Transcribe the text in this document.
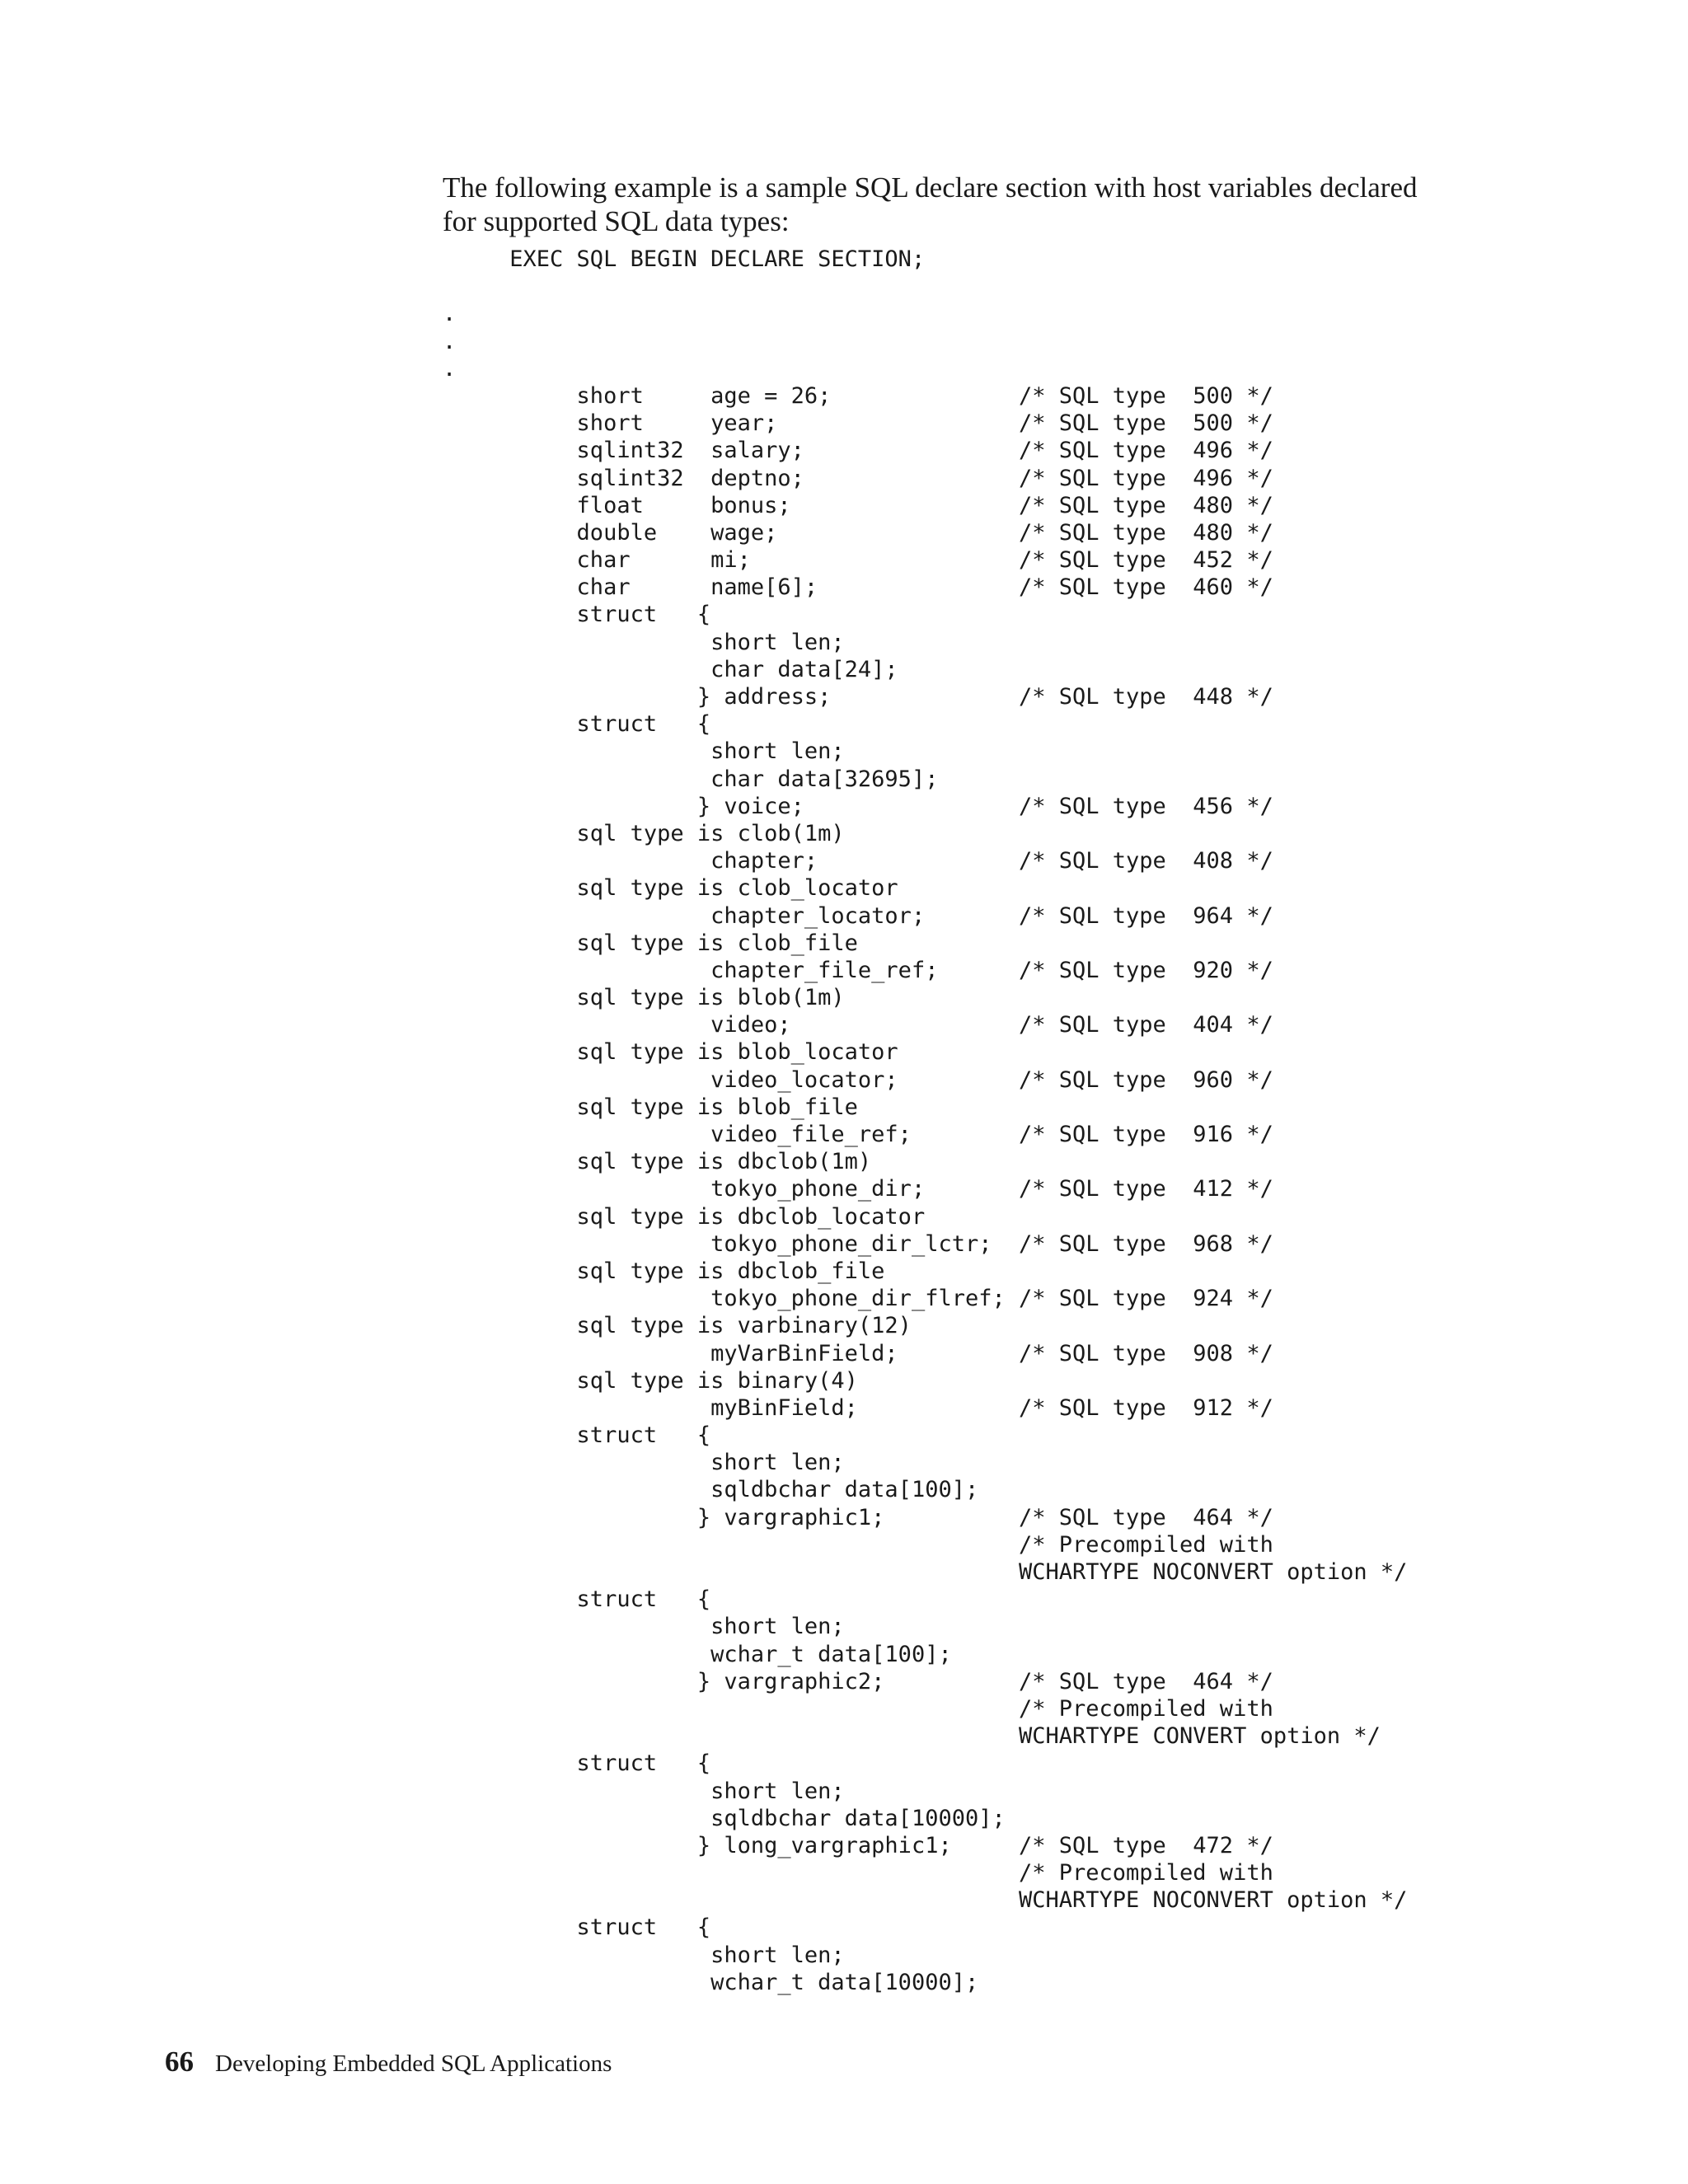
The following example is a sample SQL declare section with host variables declared for supported SQL data types:

EXEC SQL BEGIN DECLARE SECTION;
.
.
.
short     age = 26;              /* SQL type  500 */
short     year;                  /* SQL type  500 */
sqlint32  salary;                /* SQL type  496 */
sqlint32  deptno;                /* SQL type  496 */
float     bonus;                 /* SQL type  480 */
double    wage;                  /* SQL type  480 */
char      mi;                    /* SQL type  452 */
char      name[6];               /* SQL type  460 */
struct   {
short len;
char data[24];
} address;              /* SQL type  448 */
struct   {
short len;
char data[32695];
} voice;                /* SQL type  456 */
sql type is clob(1m)
chapter;               /* SQL type  408 */
sql type is clob_locator
chapter_locator;       /* SQL type  964 */
sql type is clob_file
chapter_file_ref;      /* SQL type  920 */
sql type is blob(1m)
video;                 /* SQL type  404 */
sql type is blob_locator
video_locator;         /* SQL type  960 */
sql type is blob_file
video_file_ref;        /* SQL type  916 */
sql type is dbclob(1m)
tokyo_phone_dir;       /* SQL type  412 */
sql type is dbclob_locator
tokyo_phone_dir_lctr;  /* SQL type  968 */
sql type is dbclob_file
tokyo_phone_dir_flref; /* SQL type  924 */
sql type is varbinary(12)
myVarBinField;         /* SQL type  908 */
sql type is binary(4)
myBinField;            /* SQL type  912 */
struct   {
short len;
sqldbchar data[100];
} vargraphic1;          /* SQL type  464 */
/* Precompiled with
WCHARTYPE NOCONVERT option */
struct   {
short len;
wchar_t data[100];
} vargraphic2;          /* SQL type  464 */
/* Precompiled with
WCHARTYPE CONVERT option */
struct   {
short len;
sqldbchar data[10000];
} long_vargraphic1;     /* SQL type  472 */
/* Precompiled with
WCHARTYPE NOCONVERT option */
struct   {
short len;
wchar_t data[10000];
66 Developing Embedded SQL Applications
